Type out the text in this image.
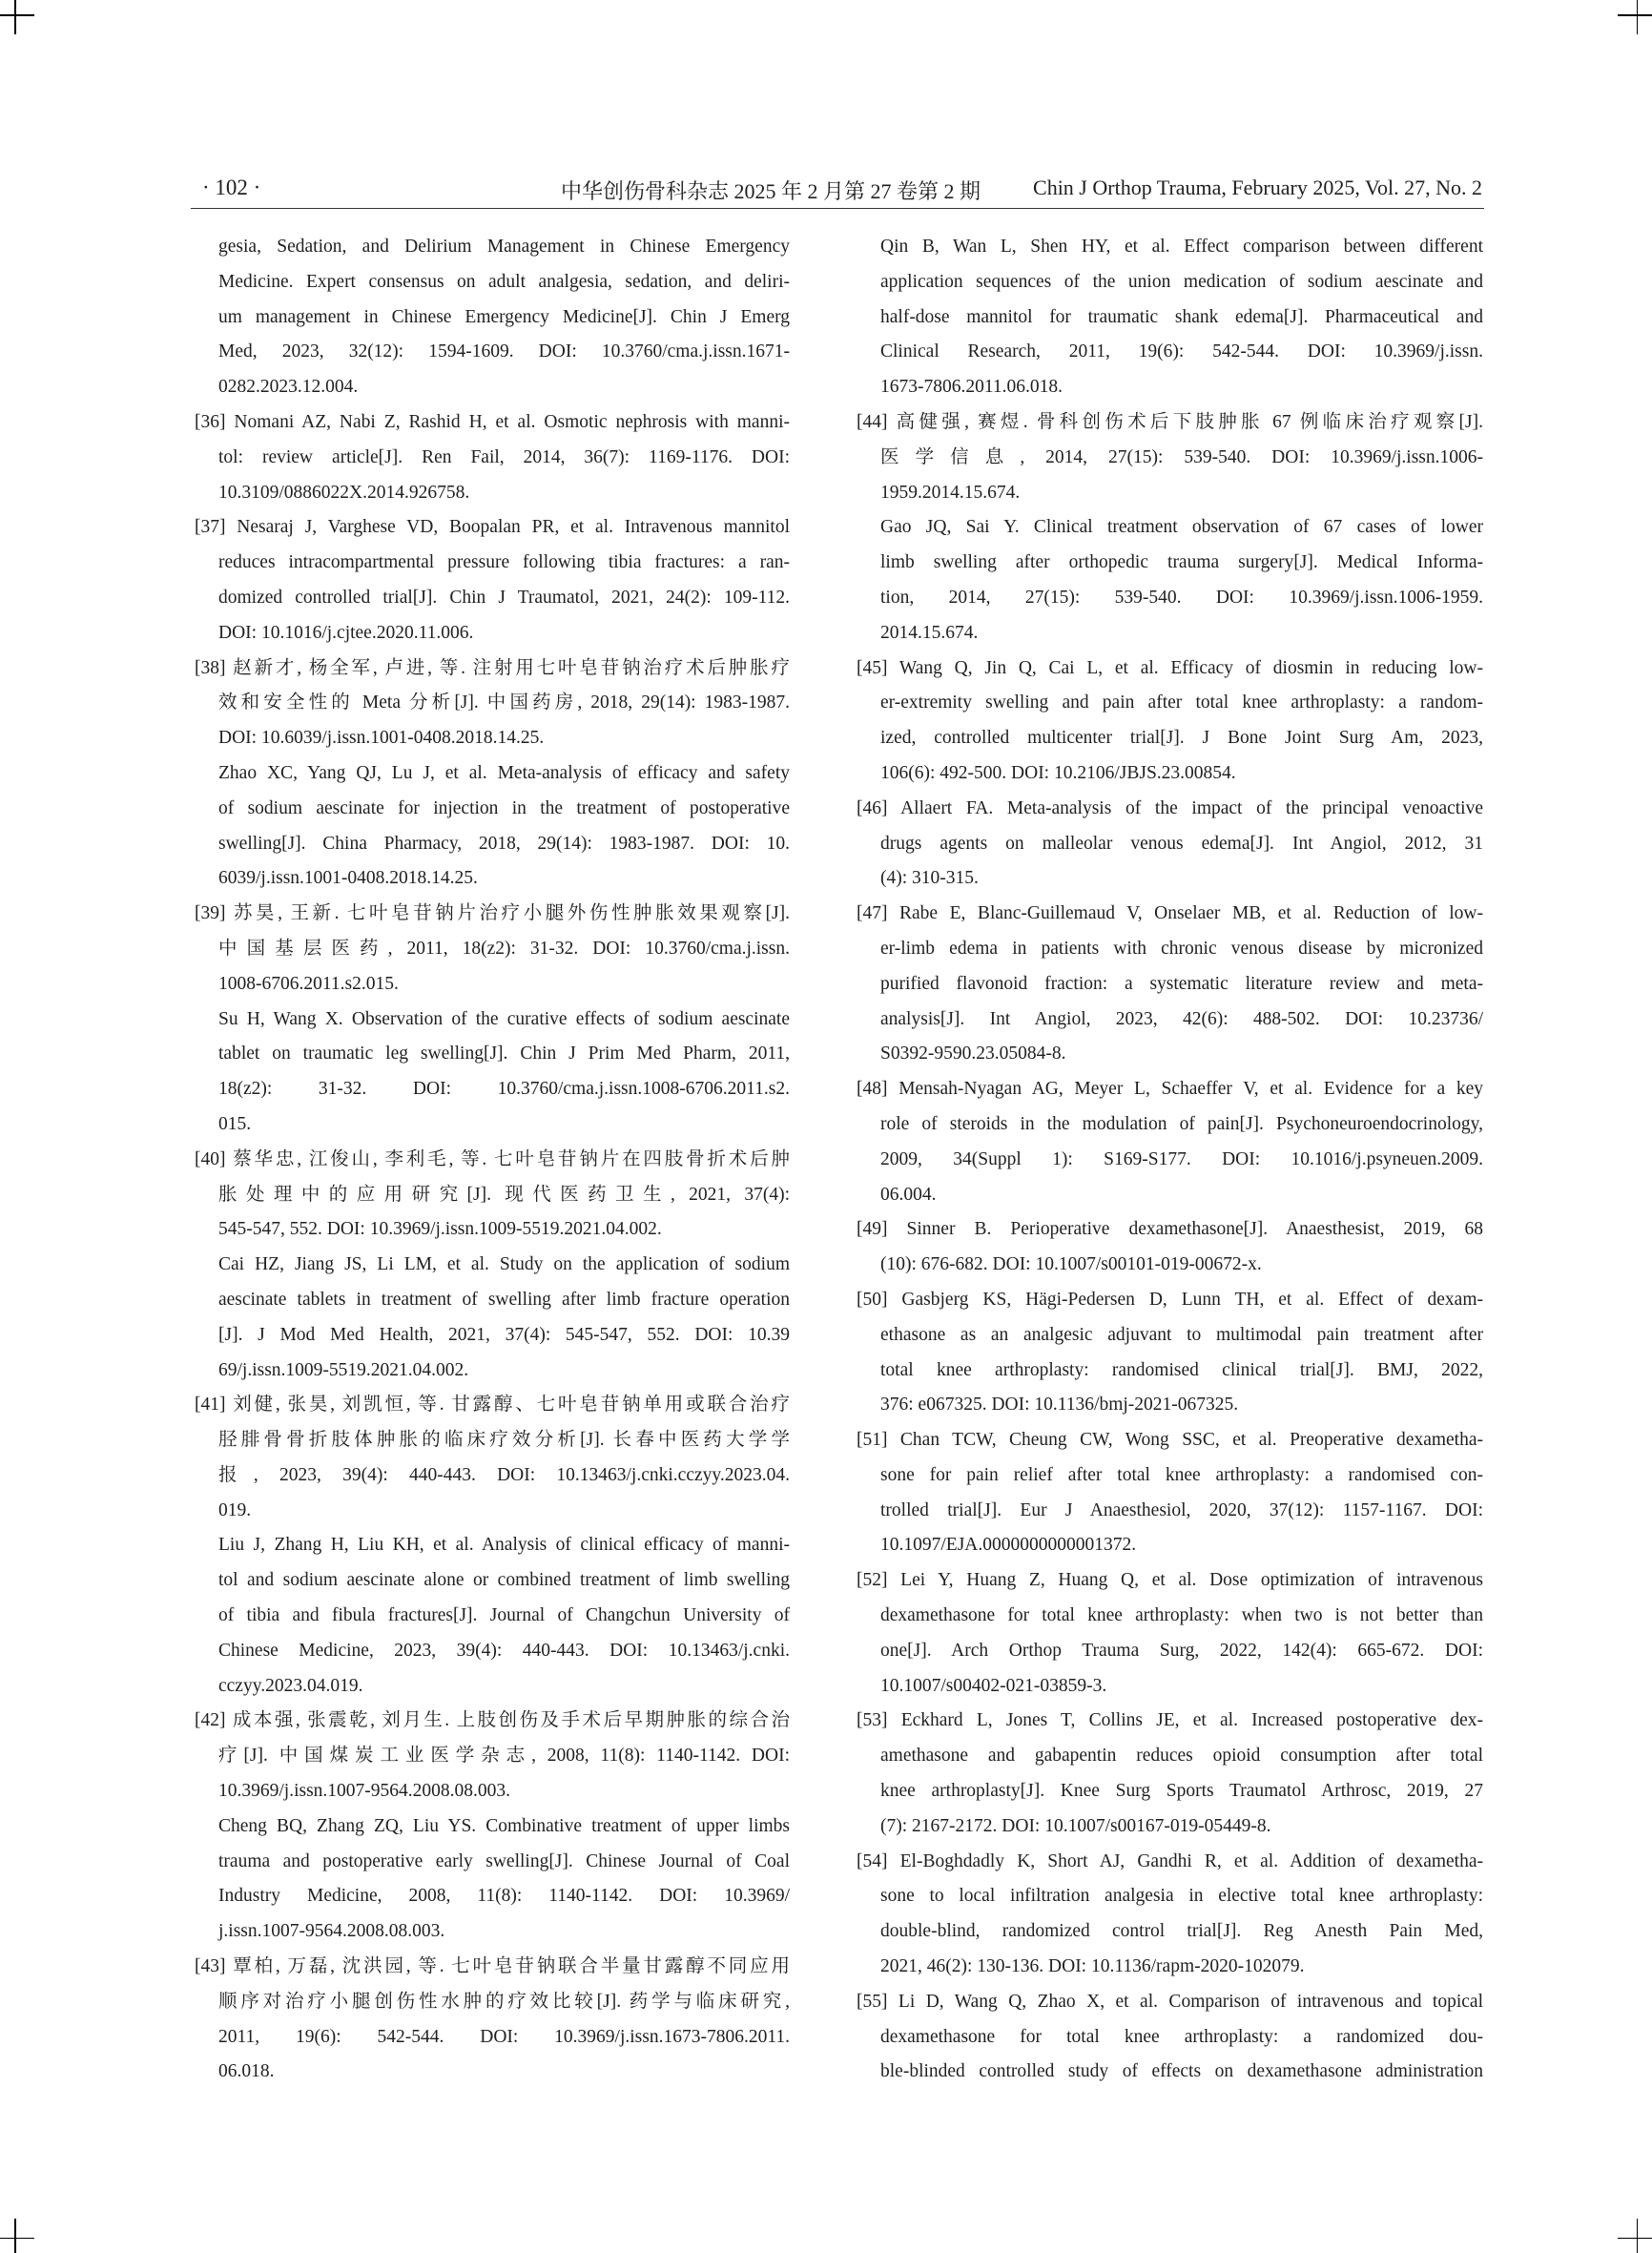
· 102 ·	中华创伤骨科杂志 2025 年 2 月第 27 卷第 2 期	Chin J Orthop Trauma, February 2025, Vol. 27, No. 2
gesia, Sedation, and Delirium Management in Chinese Emergency
Medicine. Expert consensus on adult analgesia, sedation, and deliri-
um management in Chinese Emergency Medicine[J]. Chin J Emerg
Med, 2023, 32(12): 1594-1609. DOI: 10.3760/cma.j.issn.1671-
0282.2023.12.004.
[36] Nomani AZ, Nabi Z, Rashid H, et al. Osmotic nephrosis with manni-
tol: review article[J]. Ren Fail, 2014, 36(7): 1169-1176. DOI:
10.3109/0886022X.2014.926758.
[37] Nesaraj J, Varghese VD, Boopalan PR, et al. Intravenous mannitol
reduces intracompartmental pressure following tibia fractures: a ran-
domized controlled trial[J]. Chin J Traumatol, 2021, 24(2): 109-112.
DOI: 10.1016/j.cjtee.2020.11.006.
[38] 赵新才, 杨全军, 卢进, 等. 注射用七叶皂苷钠治疗术后肿胀疗
效和安全性的 Meta 分析[J]. 中国药房, 2018, 29(14): 1983-1987.
DOI: 10.6039/j.issn.1001-0408.2018.14.25.
Zhao XC, Yang QJ, Lu J, et al. Meta-analysis of efficacy and safety
of sodium aescinate for injection in the treatment of postoperative
swelling[J]. China Pharmacy, 2018, 29(14): 1983-1987. DOI: 10.
6039/j.issn.1001-0408.2018.14.25.
[39] 苏昊, 王新. 七叶皂苷钠片治疗小腿外伤性肿胀效果观察[J].
中国基层医药, 2011, 18(z2): 31-32. DOI: 10.3760/cma.j.issn.
1008-6706.2011.s2.015.
Su H, Wang X. Observation of the curative effects of sodium aescinate
tablet on traumatic leg swelling[J]. Chin J Prim Med Pharm, 2011,
18(z2): 31-32. DOI: 10.3760/cma.j.issn.1008-6706.2011.s2.
015.
[40] 蔡华忠, 江俊山, 李利毛, 等. 七叶皂苷钠片在四肢骨折术后肿
胀处理中的应用研究[J]. 现代医药卫生, 2021, 37(4):
545-547, 552. DOI: 10.3969/j.issn.1009-5519.2021.04.002.
Cai HZ, Jiang JS, Li LM, et al. Study on the application of sodium
aescinate tablets in treatment of swelling after limb fracture operation
[J]. J Mod Med Health, 2021, 37(4): 545-547, 552. DOI: 10.39
69/j.issn.1009-5519.2021.04.002.
[41] 刘健, 张昊, 刘凯恒, 等. 甘露醇、七叶皂苷钠单用或联合治疗
胫腓骨骨折肢体肿胀的临床疗效分析[J]. 长春中医药大学学
报, 2023, 39(4): 440-443. DOI: 10.13463/j.cnki.cczyy.2023.04.
019.
Liu J, Zhang H, Liu KH, et al. Analysis of clinical efficacy of manni-
tol and sodium aescinate alone or combined treatment of limb swelling
of tibia and fibula fractures[J]. Journal of Changchun University of
Chinese Medicine, 2023, 39(4): 440-443. DOI: 10.13463/j.cnki.
cczyy.2023.04.019.
[42] 成本强, 张震乾, 刘月生. 上肢创伤及手术后早期肿胀的综合治
疗[J]. 中国煤炭工业医学杂志, 2008, 11(8): 1140-1142. DOI:
10.3969/j.issn.1007-9564.2008.08.003.
Cheng BQ, Zhang ZQ, Liu YS. Combinative treatment of upper limbs
trauma and postoperative early swelling[J]. Chinese Journal of Coal
Industry Medicine, 2008, 11(8): 1140-1142. DOI: 10.3969/
j.issn.1007-9564.2008.08.003.
[43] 覃柏, 万磊, 沈洪园, 等. 七叶皂苷钠联合半量甘露醇不同应用
顺序对治疗小腿创伤性水肿的疗效比较[J]. 药学与临床研究,
2011, 19(6): 542-544. DOI: 10.3969/j.issn.1673-7806.2011.
06.018.
Qin B, Wan L, Shen HY, et al. Effect comparison between different
application sequences of the union medication of sodium aescinate and
half-dose mannitol for traumatic shank edema[J]. Pharmaceutical and
Clinical Research, 2011, 19(6): 542-544. DOI: 10.3969/j.issn.
1673-7806.2011.06.018.
[44] 高健强, 赛煜. 骨科创伤术后下肢肿胀 67 例临床治疗观察[J].
医学信息, 2014, 27(15): 539-540. DOI: 10.3969/j.issn.1006-
1959.2014.15.674.
Gao JQ, Sai Y. Clinical treatment observation of 67 cases of lower
limb swelling after orthopedic trauma surgery[J]. Medical Informa-
tion, 2014, 27(15): 539-540. DOI: 10.3969/j.issn.1006-1959.
2014.15.674.
[45] Wang Q, Jin Q, Cai L, et al. Efficacy of diosmin in reducing low-
er-extremity swelling and pain after total knee arthroplasty: a random-
ized, controlled multicenter trial[J]. J Bone Joint Surg Am, 2023,
106(6): 492-500. DOI: 10.2106/JBJS.23.00854.
[46] Allaert FA. Meta-analysis of the impact of the principal venoactive
drugs agents on malleolar venous edema[J]. Int Angiol, 2012, 31
(4): 310-315.
[47] Rabe E, Blanc-Guillemaud V, Onselaer MB, et al. Reduction of low-
er-limb edema in patients with chronic venous disease by micronized
purified flavonoid fraction: a systematic literature review and meta-
analysis[J]. Int Angiol, 2023, 42(6): 488-502. DOI: 10.23736/
S0392-9590.23.05084-8.
[48] Mensah-Nyagan AG, Meyer L, Schaeffer V, et al. Evidence for a key
role of steroids in the modulation of pain[J]. Psychoneuroendocrinology,
2009, 34(Suppl 1): S169-S177. DOI: 10.1016/j.psyneuen.2009.
06.004.
[49] Sinner B. Perioperative dexamethasone[J]. Anaesthesist, 2019, 68
(10): 676-682. DOI: 10.1007/s00101-019-00672-x.
[50] Gasbjerg KS, Hägi-Pedersen D, Lunn TH, et al. Effect of dexam-
ethasone as an analgesic adjuvant to multimodal pain treatment after
total knee arthroplasty: randomised clinical trial[J]. BMJ, 2022,
376: e067325. DOI: 10.1136/bmj-2021-067325.
[51] Chan TCW, Cheung CW, Wong SSC, et al. Preoperative dexametha-
sone for pain relief after total knee arthroplasty: a randomised con-
trolled trial[J]. Eur J Anaesthesiol, 2020, 37(12): 1157-1167. DOI:
10.1097/EJA.0000000000001372.
[52] Lei Y, Huang Z, Huang Q, et al. Dose optimization of intravenous
dexamethasone for total knee arthroplasty: when two is not better than
one[J]. Arch Orthop Trauma Surg, 2022, 142(4): 665-672. DOI:
10.1007/s00402-021-03859-3.
[53] Eckhard L, Jones T, Collins JE, et al. Increased postoperative dex-
amethasone and gabapentin reduces opioid consumption after total
knee arthroplasty[J]. Knee Surg Sports Traumatol Arthrosc, 2019, 27
(7): 2167-2172. DOI: 10.1007/s00167-019-05449-8.
[54] El-Boghdadly K, Short AJ, Gandhi R, et al. Addition of dexametha-
sone to local infiltration analgesia in elective total knee arthroplasty:
double-blind, randomized control trial[J]. Reg Anesth Pain Med,
2021, 46(2): 130-136. DOI: 10.1136/rapm-2020-102079.
[55] Li D, Wang Q, Zhao X, et al. Comparison of intravenous and topical
dexamethasone for total knee arthroplasty: a randomized dou-
ble-blinded controlled study of effects on dexamethasone administration
